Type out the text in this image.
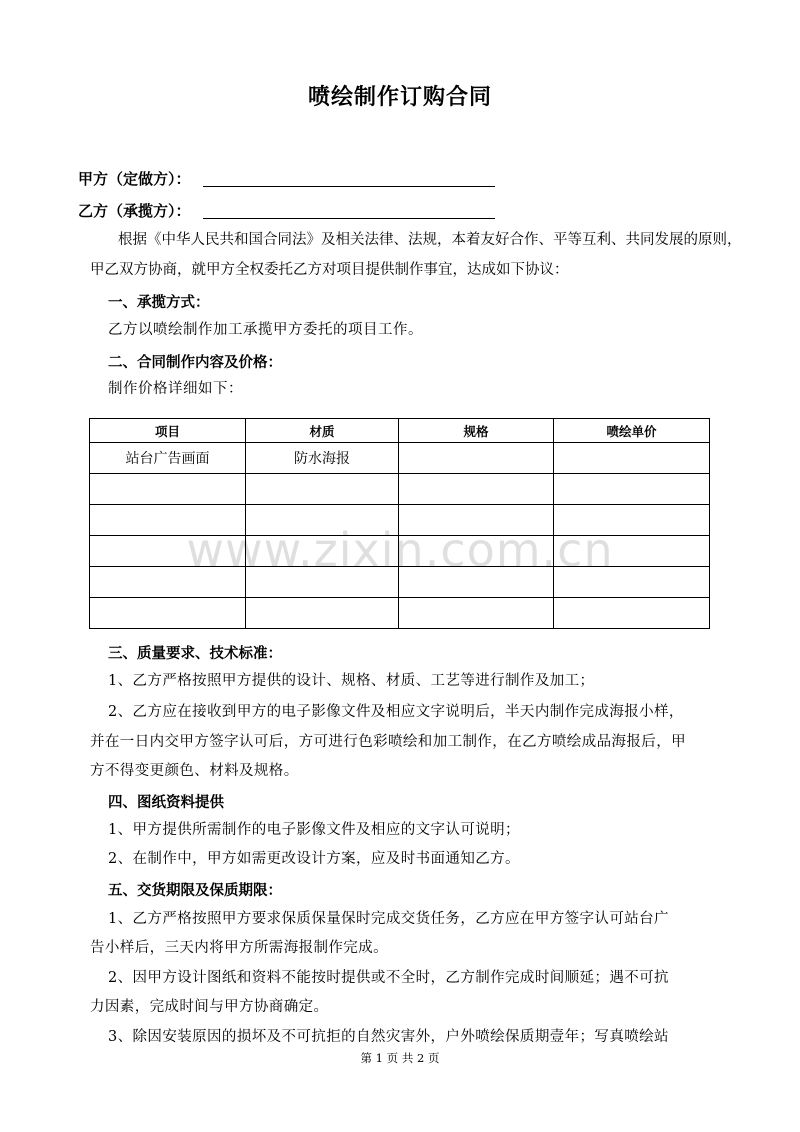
喷绘制作订购合同
甲方（定做方）：
乙方（承揽方）：
根据《中华人民共和国合同法》及相关法律、法规，本着友好合作、平等互利、共同发展的原则，
甲乙双方协商，就甲方全权委托乙方对项目提供制作事宜，达成如下协议：
一、承揽方式：
乙方以喷绘制作加工承揽甲方委托的项目工作。
二、合同制作内容及价格：
制作价格详细如下：
项目	材质	规格	喷绘单价
站台广告画面	防水海报		

www.zixin.com.cn
三、质量要求、技术标准：
1、乙方严格按照甲方提供的设计、规格、材质、工艺等进行制作及加工；
2、乙方应在接收到甲方的电子影像文件及相应文字说明后，半天内制作完成海报小样，
并在一日内交甲方签字认可后，方可进行色彩喷绘和加工制作，在乙方喷绘成品海报后，甲
方不得变更颜色、材料及规格。
四、图纸资料提供
1、甲方提供所需制作的电子影像文件及相应的文字认可说明；
2、在制作中，甲方如需更改设计方案，应及时书面通知乙方。
五、交货期限及保质期限：
1、乙方严格按照甲方要求保质保量保时完成交货任务，乙方应在甲方签字认可站台广
告小样后，三天内将甲方所需海报制作完成。
2、因甲方设计图纸和资料不能按时提供或不全时，乙方制作完成时间顺延；遇不可抗
力因素，完成时间与甲方协商确定。
3、除因安装原因的损坏及不可抗拒的自然灾害外，户外喷绘保质期壹年；写真喷绘站
第 1 页 共 2 页
